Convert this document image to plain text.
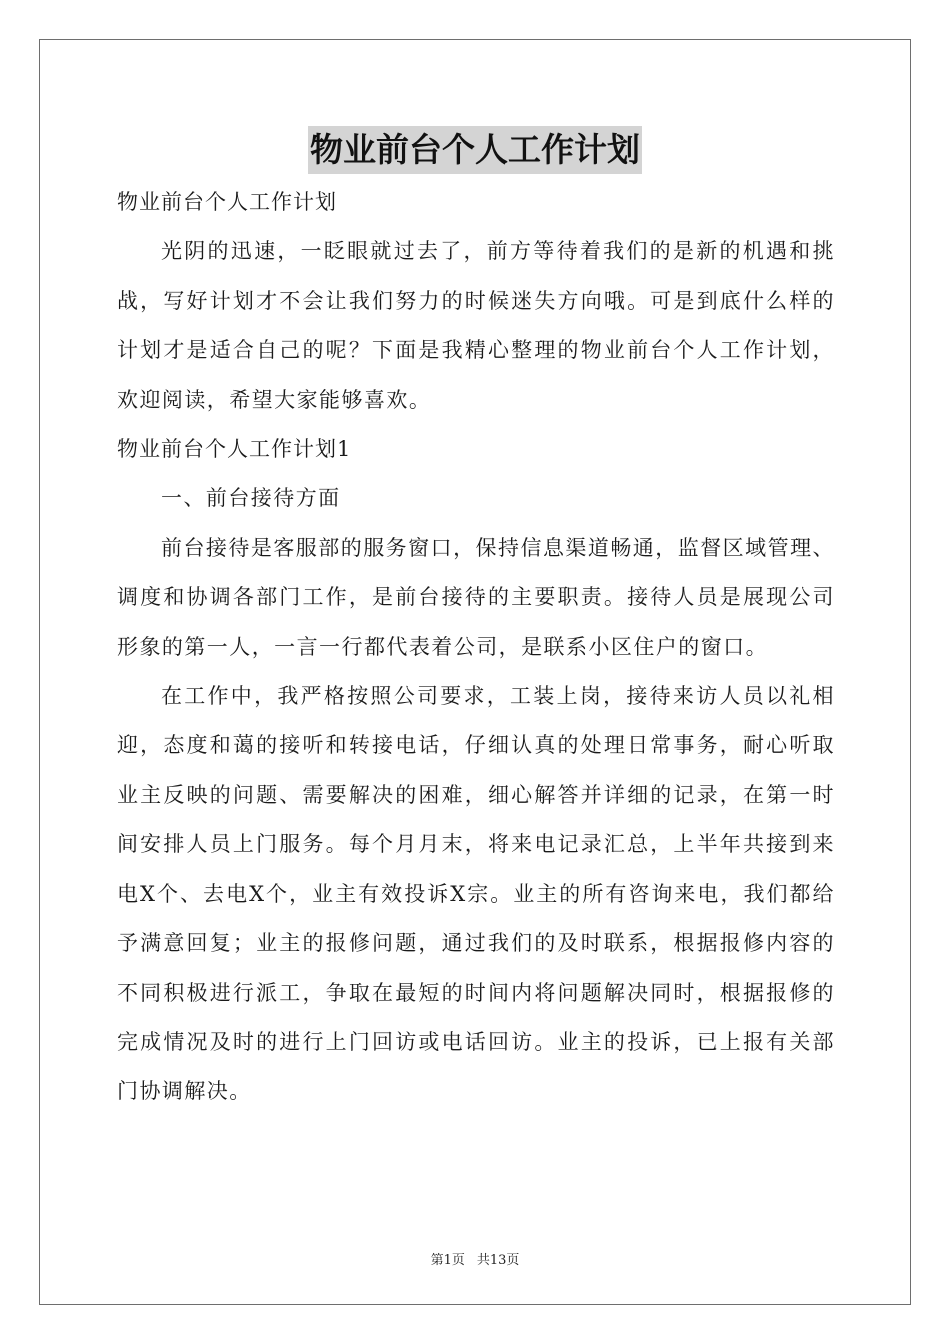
物业前台个人工作计划

物业前台个人工作计划

光阴的迅速，一眨眼就过去了，前方等待着我们的是新的机遇和挑战，写好计划才不会让我们努力的时候迷失方向哦。可是到底什么样的计划才是适合自己的呢？下面是我精心整理的物业前台个人工作计划，欢迎阅读，希望大家能够喜欢。

物业前台个人工作计划1

一、前台接待方面

前台接待是客服部的服务窗口，保持信息渠道畅通，监督区域管理、调度和协调各部门工作，是前台接待的主要职责。接待人员是展现公司形象的第一人，一言一行都代表着公司，是联系小区住户的窗口。

在工作中，我严格按照公司要求，工装上岗，接待来访人员以礼相迎，态度和蔼的接听和转接电话，仔细认真的处理日常事务，耐心听取业主反映的问题、需要解决的困难，细心解答并详细的记录，在第一时间安排人员上门服务。每个月月末，将来电记录汇总，上半年共接到来电X个、去电X个，业主有效投诉X宗。业主的所有咨询来电，我们都给予满意回复；业主的报修问题，通过我们的及时联系，根据报修内容的不同积极进行派工，争取在最短的时间内将问题解决同时，根据报修的完成情况及时的进行上门回访或电话回访。业主的投诉，已上报有关部门协调解决。

第1页 共13页
